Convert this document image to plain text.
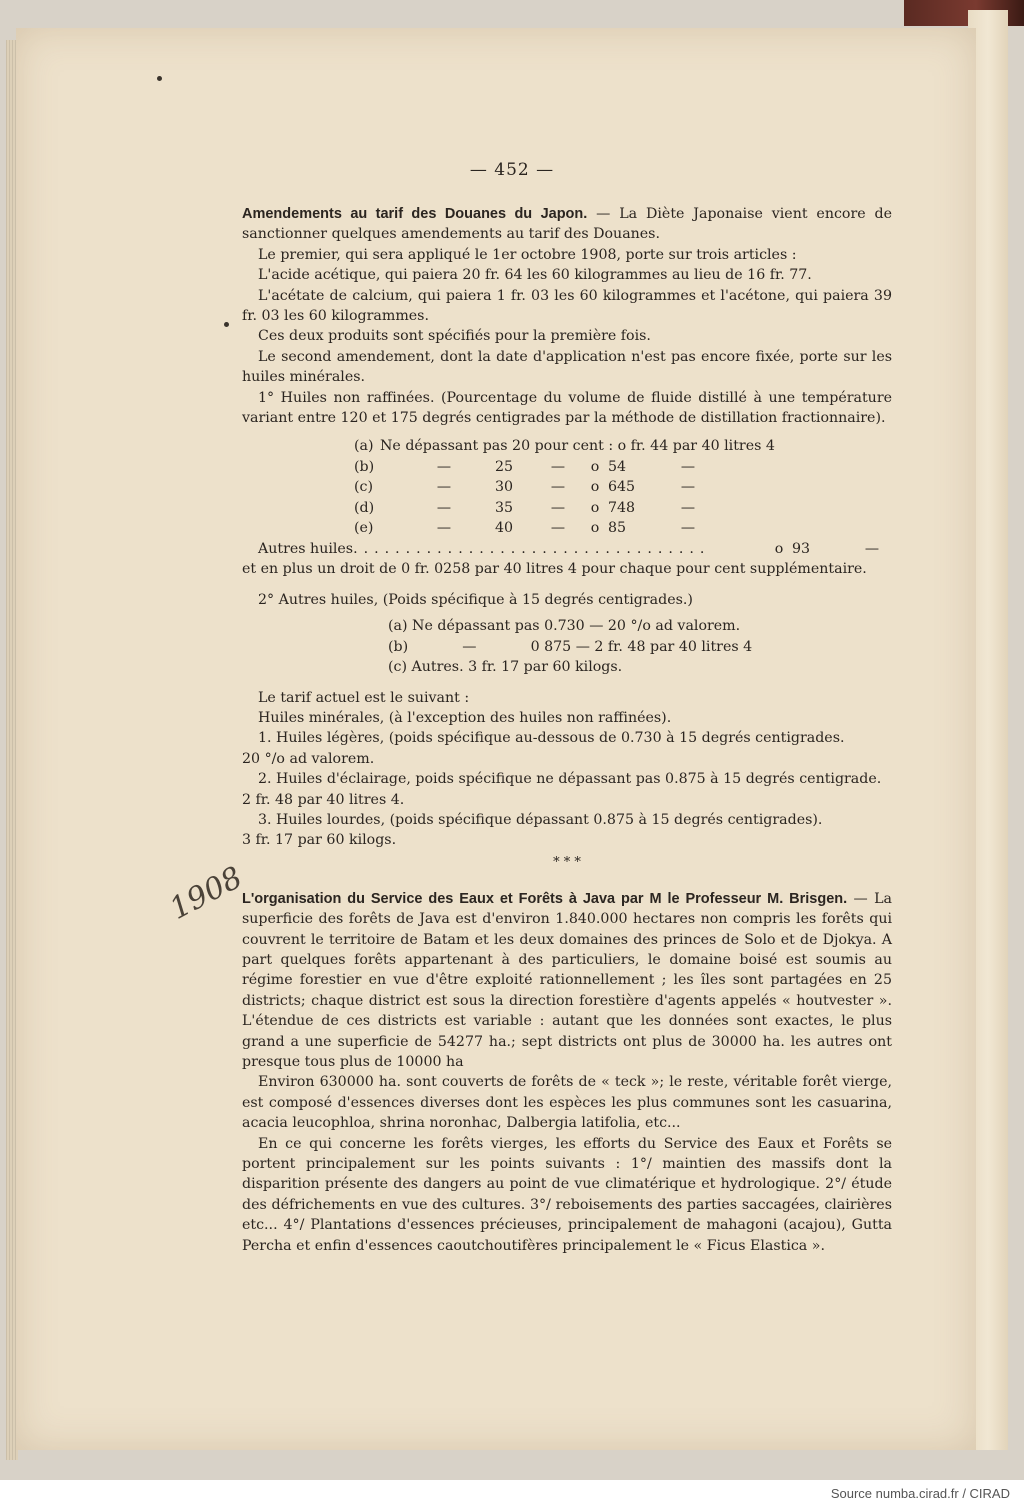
— 452 —
1908

Amendements au tarif des Douanes du Japon. — La Diète Japonaise vient encore de sanctionner quelques amendements au tarif des Douanes.

Le premier, qui sera appliqué le 1er octobre 1908, porte sur trois articles :

L'acide acétique, qui paiera 20 fr. 64 les 60 kilogrammes au lieu de 16 fr. 77.

L'acétate de calcium, qui paiera 1 fr. 03 les 60 kilogrammes et l'acétone, qui paiera 39 fr. 03 les 60 kilogrammes.

Ces deux produits sont spécifiés pour la première fois.

Le second amendement, dont la date d'application n'est pas encore fixée, porte sur les huiles minérales.

1° Huiles non raffinées. (Pourcentage du volume de fluide distillé à une température variant entre 120 et 175 degrés centigrades par la méthode de distillation fractionnaire).

(a) Ne dépassant pas 20 pour cent : o fr. 44 par 40 litres 4
(b)	—	25	—	o 54	—
(c)	—	30	—	o 645	—
(d)	—	35	—	o 748	—
(e)	—	40	—	o 85	—
Autres huiles ..................................	o 93	—

et en plus un droit de 0 fr. 0258 par 40 litres 4 pour chaque pour cent supplémentaire.

2° Autres huiles, (Poids spécifique à 15 degrés centigrades.)

(a) Ne dépassant pas 0.730 — 20 °/o ad valorem.

(b)            —            0 875 — 2 fr. 48 par 40 litres 4

(c) Autres. 3 fr. 17 par 60 kilogs.

Le tarif actuel est le suivant :

Huiles minérales, (à l'exception des huiles non raffinées).

1. Huiles légères, (poids spécifique au-dessous de 0.730 à 15 degrés centigrades.

20 °/o ad valorem.

2. Huiles d'éclairage, poids spécifique ne dépassant pas 0.875 à 15 degrés centigrade.

2 fr. 48 par 40 litres 4.

3. Huiles lourdes, (poids spécifique dépassant 0.875 à 15 degrés centigrades).

3 fr. 17 par 60 kilogs.

* * *

L'organisation du Service des Eaux et Forêts à Java par M le Professeur M. Brisgen. — La superficie des forêts de Java est d'environ 1.840.000 hectares non compris les forêts qui couvrent le territoire de Batam et les deux domaines des princes de Solo et de Djokya. A part quelques forêts appartenant à des particuliers, le domaine boisé est soumis au régime forestier en vue d'être exploité rationnellement ; les îles sont partagées en 25 districts; chaque district est sous la direction forestière d'agents appelés « houtvester ». L'étendue de ces districts est variable : autant que les données sont exactes, le plus grand a une superficie de 54277 ha.; sept districts ont plus de 30000 ha. les autres ont presque tous plus de 10000 ha

Environ 630000 ha. sont couverts de forêts de « teck »; le reste, véritable forêt vierge, est composé d'essences diverses dont les espèces les plus communes sont les casuarina, acacia leucophloa, shrina noronhac, Dalbergia latifolia, etc...

En ce qui concerne les forêts vierges, les efforts du Service des Eaux et Forêts se portent principalement sur les points suivants : 1°/ maintien des massifs dont la disparition présente des dangers au point de vue climatérique et hydrologique. 2°/ étude des défrichements en vue des cultures. 3°/ reboisements des parties saccagées, clairières etc... 4°/ Plantations d'essences précieuses, principalement de mahagoni (acajou), Gutta Percha et enfin d'essences caoutchoutifères principalement le « Ficus Elastica ».

Source numba.cirad.fr / CIRAD
